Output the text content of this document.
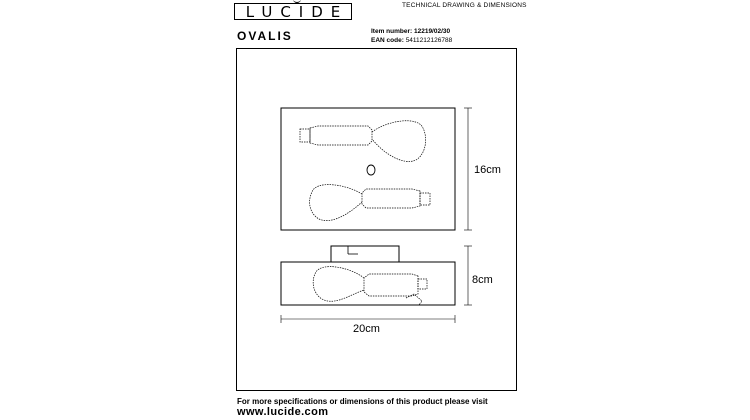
LUCIDE	TECHNICAL DRAWING & DIMENSIONS
OVALIS	Item number: 12219/02/30
EAN code: 5411212126788
16cm
8cm
20cm
For more specifications or dimensions of this product please visit
www.lucide.com
